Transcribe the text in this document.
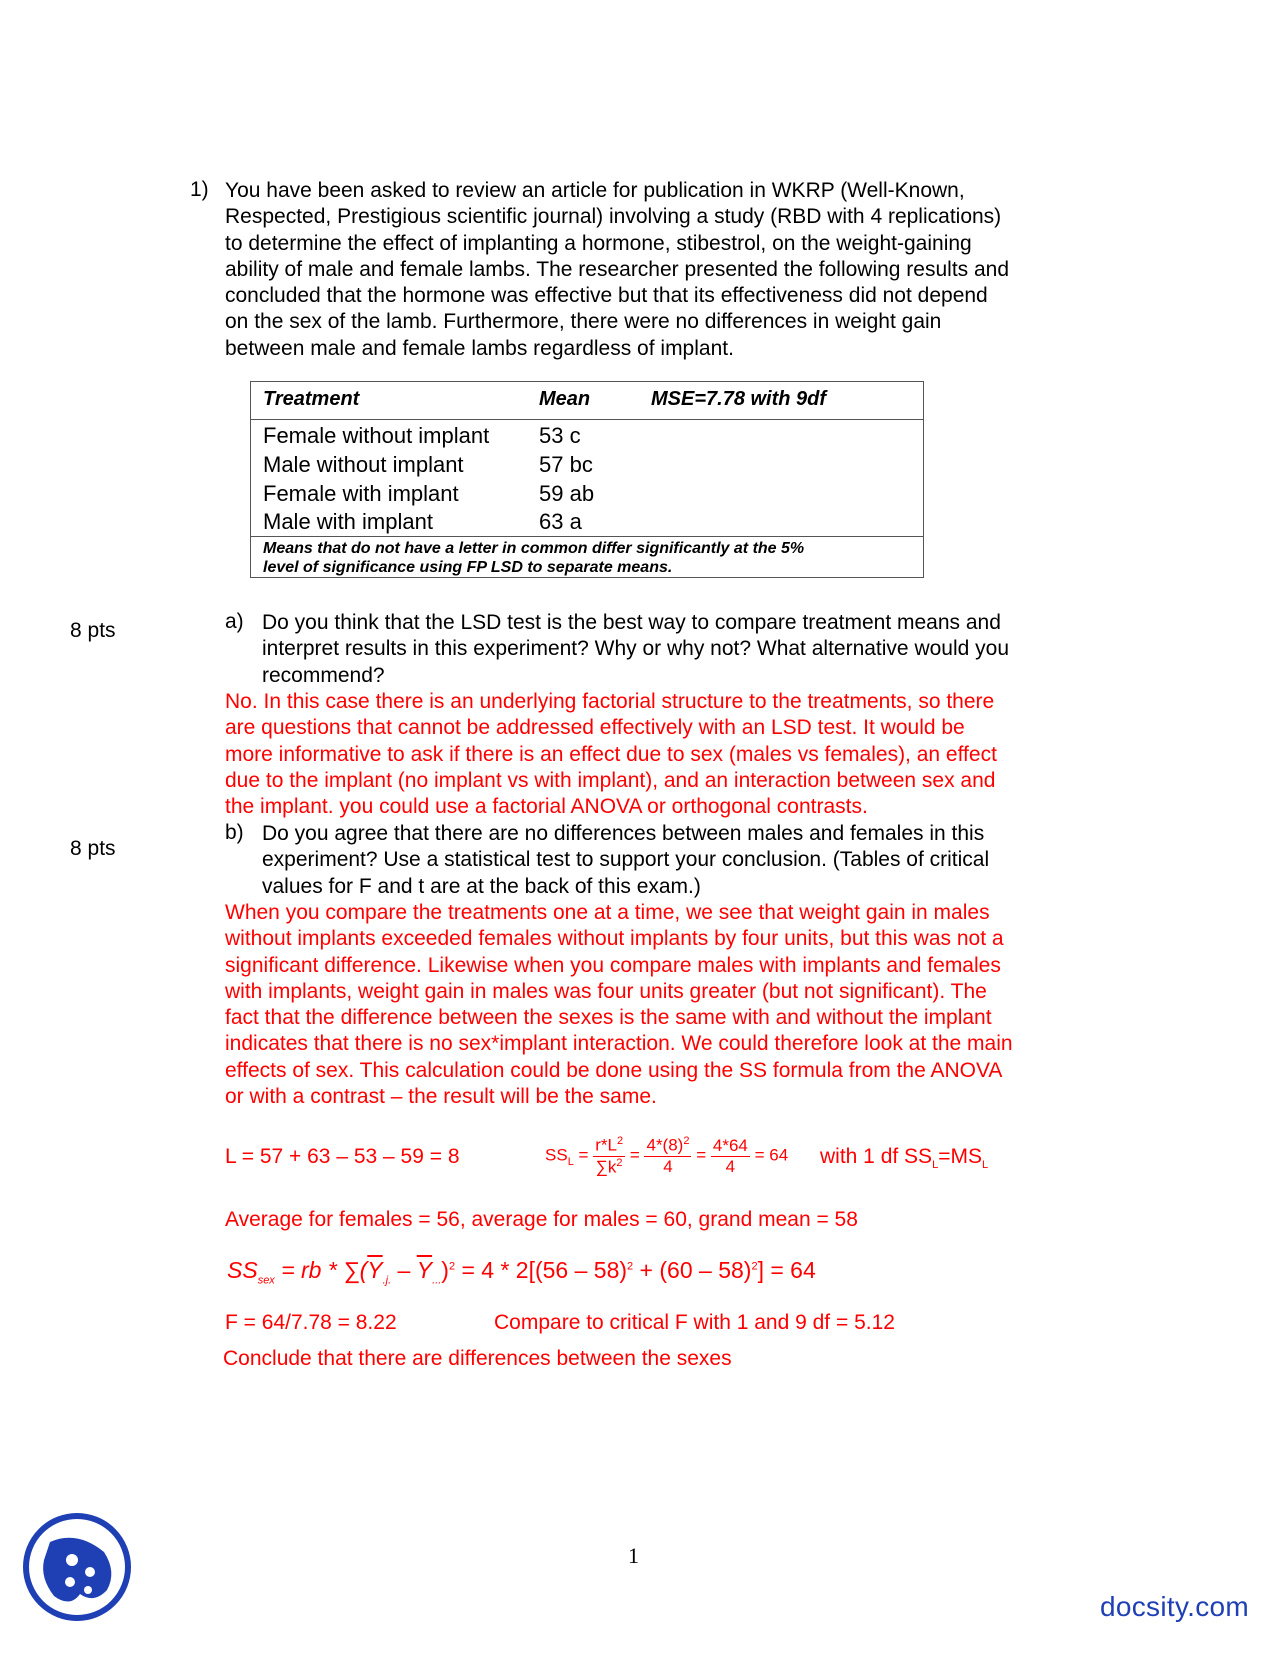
1) You have been asked to review an article for publication in WKRP (Well-Known,
Respected, Prestigious scientific journal) involving a study (RBD with 4 replications)
to determine the effect of implanting a hormone, stibestrol, on the weight-gaining
ability of male and female lambs. The researcher presented the following results and
concluded that the hormone was effective but that its effectiveness did not depend
on the sex of the lamb. Furthermore, there were no differences in weight gain
between male and female lambs regardless of implant.
Treatment	Mean	MSE=7.78 with 9df
Female without implant 53 c
Male without implant	57 bc
Female with implant	59 ab
Male with implant	63 a
Means that do not have a letter in common differ significantly at the 5%
level of significance using FP LSD to separate means.
8 pts	a) Do you think that the LSD test is the best way to compare treatment means and
interpret results in this experiment? Why or why not? What alternative would you
recommend?
No. In this case there is an underlying factorial structure to the treatments, so there
are questions that cannot be addressed effectively with an LSD test. It would be
more informative to ask if there is an effect due to sex (males vs females), an effect
due to the implant (no implant vs with implant), and an interaction between sex and
the implant. you could use a factorial ANOVA or orthogonal contrasts.
8 pts
b) Do you agree that there are no differences between males and females in this
experiment? Use a statistical test to support your conclusion. (Tables of critical
values for F and t are at the back of this exam.)
When you compare the treatments one at a time, we see that weight gain in males
without implants exceeded females without implants by four units, but this was not a
significant difference. Likewise when you compare males with implants and females
with implants, weight gain in males was four units greater (but not significant). The
fact that the difference between the sexes is the same with and without the implant
indicates that there is no sex*implant interaction. We could therefore look at the main
effects of sex. This calculation could be done using the SS formula from the ANOVA
or with a contrast – the result will be the same.
L = 57 + 63 – 53 – 59 = 8	$SS_L = \frac{r*L^2}{\sum k^2} = \frac{4*(8)^2}{4} = \frac{4*64}{4} = 64$ with 1 df $SS_L=MS_L$
Average for females = 56, average for males = 60, grand mean = 58
$SS_{sex}$ = rb * $\sum(\overline{Y}_{.j.} - \overline{Y}_{...})^2 = 4 * 2[(56 - 58)^2 + (60 - 58)^2] = 64$
F = 64/7.78 = 8.22	Compare to critical F with 1 and 9 df = 5.12
Conclude that there are differences between the sexes
1
docsity.com
